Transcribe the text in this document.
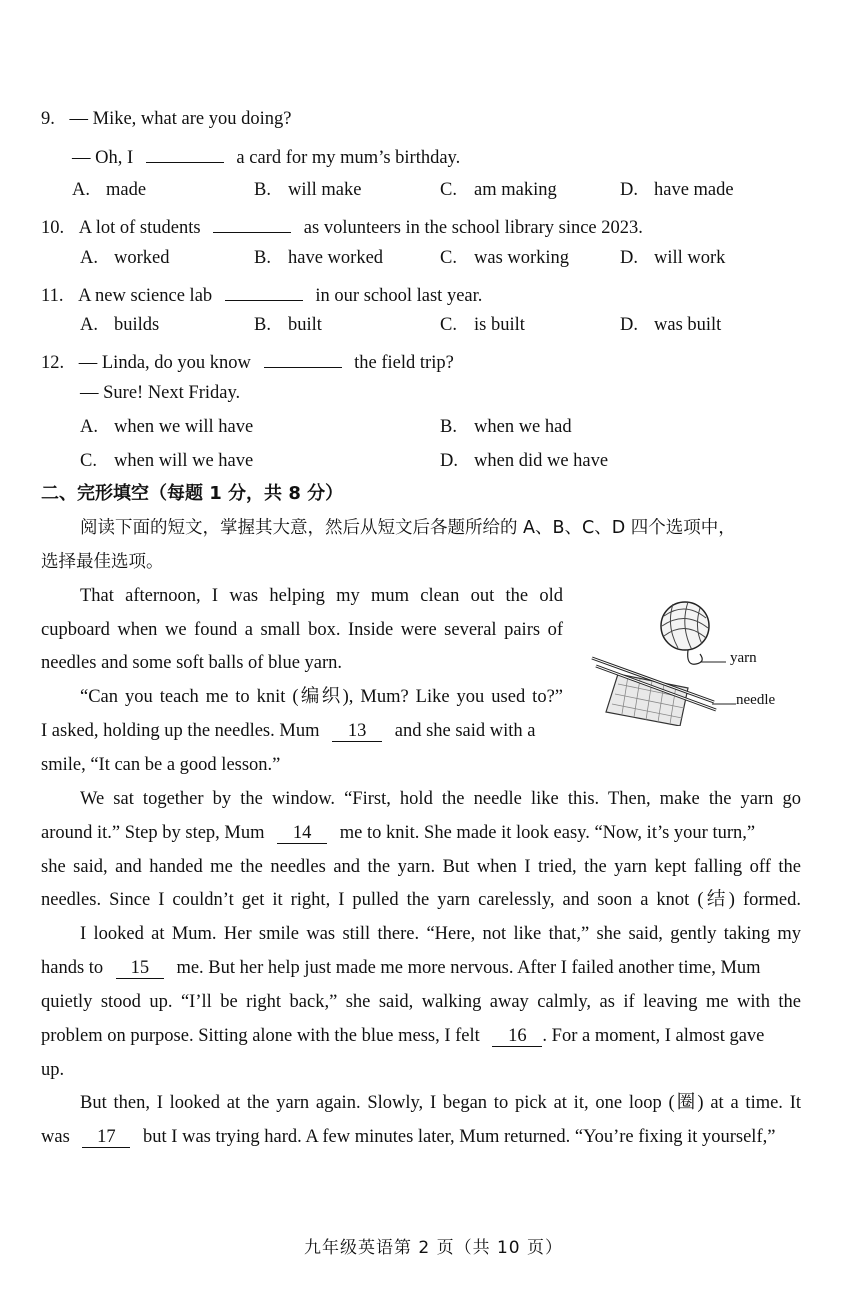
9. — Mike, what are you doing?
— Oh, I	a card for my mum’s birthday.
A. made	B. will make	C. am making	D. have made
10. A lot of students	as volunteers in the school library since 2023.
A. worked	B. have worked	C. was working	D. will work
11. A new science lab	in our school last year.
A. builds	B. built	C. is built	D. was built
12. — Linda, do you know	the field trip?
— Sure! Next Friday.
A. when we will have	B. when we had
C. when will we have	D. when did we have
二、完形填空（每题 1 分，共 8 分）
阅读下面的短文，掌握其大意，然后从短文后各题所给的 A、B、C、D 四个选项中，
选择最佳选项。
yarn
needle
That afternoon, I was helping my mum clean out the old
cupboard when we found a small box. Inside were several pairs of
needles and some soft balls of blue yarn.
“Can you teach me to knit (编织), Mum? Like you used to?”
I asked, holding up the needles. Mum 13 and she said with a
smile, “It can be a good lesson.”
We sat together by the window. “First, hold the needle like this. Then, make the yarn go
around it.” Step by step, Mum 14 me to knit. She made it look easy. “Now, it’s your turn,”
she said, and handed me the needles and the yarn. But when I tried, the yarn kept falling off the
needles. Since I couldn’t get it right, I pulled the yarn carelessly, and soon a knot (结) formed.
I looked at Mum. Her smile was still there. “Here, not like that,” she said, gently taking my
hands to 15 me. But her help just made me more nervous. After I failed another time, Mum
quietly stood up. “I’ll be right back,” she said, walking away calmly, as if leaving me with the
problem on purpose. Sitting alone with the blue mess, I felt 16 . For a moment, I almost gave
up.
But then, I looked at the yarn again. Slowly, I began to pick at it, one loop (圈) at a time. It
was 17 but I was trying hard. A few minutes later, Mum returned. “You’re fixing it yourself,”
九年级英语第 2 页（共 10 页）
